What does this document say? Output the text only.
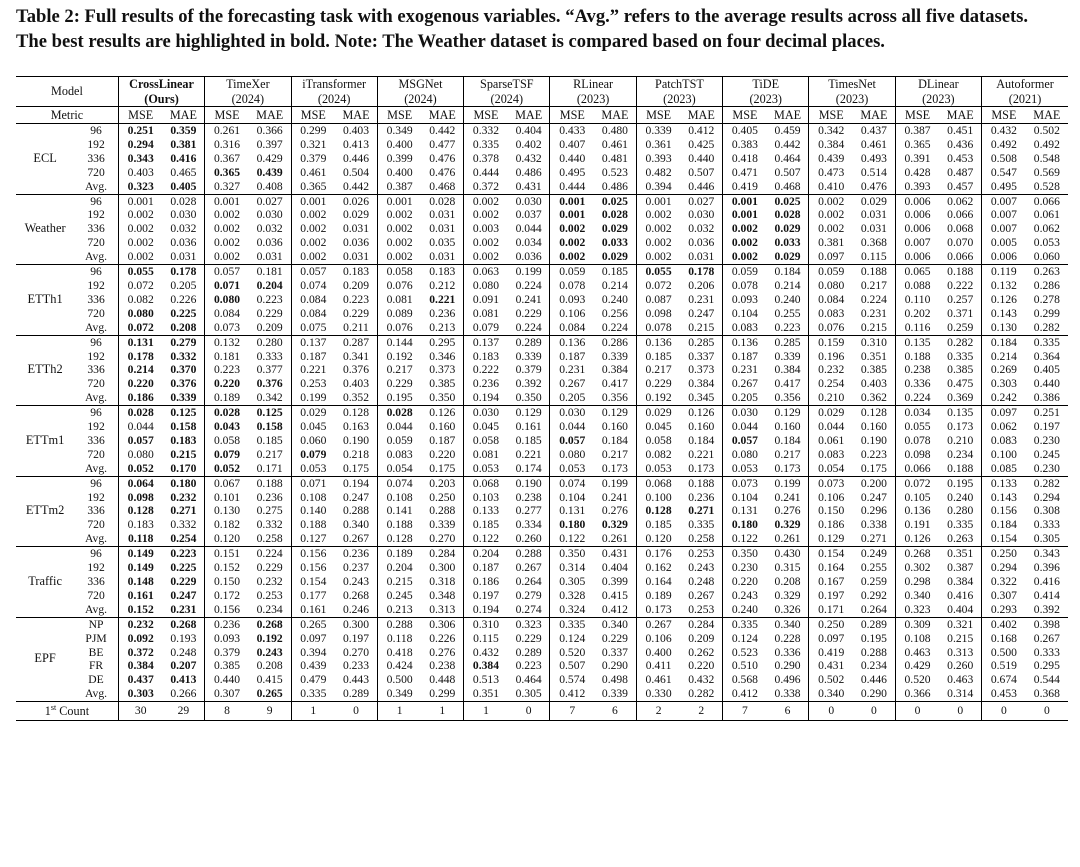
Table 2: Full results of the forecasting task with exogenous variables. “Avg.” refers to the average results across all five datasets.
The best results are highlighted in bold. Note: The Weather dataset is compared based on four decimal places.
Model		CrossLinear		TimeXer		iTransformer		MSGNet		SparseTSF		RLinear		PatchTST		TiDE		TimesNet		DLinear		Autoformer	
		(Ours)		(2024)		(2024)		(2024)		(2024)		(2023)		(2023)		(2023)		(2023)		(2023)		(2021)	
Metric		MSE	MAE	MSE	MAE	MSE	MAE	MSE	MAE	MSE	MAE	MSE	MAE	MSE	MAE	MSE	MAE	MSE	MAE	MSE	MAE	MSE	MAE
ECL	96	0.251	0.359	0.261	0.366	0.299	0.403	0.349	0.442	0.332	0.404	0.433	0.480	0.339	0.412	0.405	0.459	0.342	0.437	0.387	0.451	0.432	0.502
	192	0.294	0.381	0.316	0.397	0.321	0.413	0.400	0.477	0.335	0.402	0.407	0.461	0.361	0.425	0.383	0.442	0.384	0.461	0.365	0.436	0.492	0.492
	336	0.343	0.416	0.367	0.429	0.379	0.446	0.399	0.476	0.378	0.432	0.440	0.481	0.393	0.440	0.418	0.464	0.439	0.493	0.391	0.453	0.508	0.548
	720	0.403	0.465	0.365	0.439	0.461	0.504	0.400	0.476	0.444	0.486	0.495	0.523	0.482	0.507	0.471	0.507	0.473	0.514	0.428	0.487	0.547	0.569
	Avg.	0.323	0.405	0.327	0.408	0.365	0.442	0.387	0.468	0.372	0.431	0.444	0.486	0.394	0.446	0.419	0.468	0.410	0.476	0.393	0.457	0.495	0.528
Weather	96	0.001	0.028	0.001	0.027	0.001	0.026	0.001	0.028	0.002	0.030	0.001	0.025	0.001	0.027	0.001	0.025	0.002	0.029	0.006	0.062	0.007	0.066
	192	0.002	0.030	0.002	0.030	0.002	0.029	0.002	0.031	0.002	0.037	0.001	0.028	0.002	0.030	0.001	0.028	0.002	0.031	0.006	0.066	0.007	0.061
	336	0.002	0.032	0.002	0.032	0.002	0.031	0.002	0.031	0.003	0.044	0.002	0.029	0.002	0.032	0.002	0.029	0.002	0.031	0.006	0.068	0.007	0.062
	720	0.002	0.036	0.002	0.036	0.002	0.036	0.002	0.035	0.002	0.034	0.002	0.033	0.002	0.036	0.002	0.033	0.381	0.368	0.007	0.070	0.005	0.053
	Avg.	0.002	0.031	0.002	0.031	0.002	0.031	0.002	0.031	0.002	0.036	0.002	0.029	0.002	0.031	0.002	0.029	0.097	0.115	0.006	0.066	0.006	0.060
ETTh1	96	0.055	0.178	0.057	0.181	0.057	0.183	0.058	0.183	0.063	0.199	0.059	0.185	0.055	0.178	0.059	0.184	0.059	0.188	0.065	0.188	0.119	0.263
	192	0.072	0.205	0.071	0.204	0.074	0.209	0.076	0.212	0.080	0.224	0.078	0.214	0.072	0.206	0.078	0.214	0.080	0.217	0.088	0.222	0.132	0.286
	336	0.082	0.226	0.080	0.223	0.084	0.223	0.081	0.221	0.091	0.241	0.093	0.240	0.087	0.231	0.093	0.240	0.084	0.224	0.110	0.257	0.126	0.278
	720	0.080	0.225	0.084	0.229	0.084	0.229	0.089	0.236	0.081	0.229	0.106	0.256	0.098	0.247	0.104	0.255	0.083	0.231	0.202	0.371	0.143	0.299
	Avg.	0.072	0.208	0.073	0.209	0.075	0.211	0.076	0.213	0.079	0.224	0.084	0.224	0.078	0.215	0.083	0.223	0.076	0.215	0.116	0.259	0.130	0.282
ETTh2	96	0.131	0.279	0.132	0.280	0.137	0.287	0.144	0.295	0.137	0.289	0.136	0.286	0.136	0.285	0.136	0.285	0.159	0.310	0.135	0.282	0.184	0.335
	192	0.178	0.332	0.181	0.333	0.187	0.341	0.192	0.346	0.183	0.339	0.187	0.339	0.185	0.337	0.187	0.339	0.196	0.351	0.188	0.335	0.214	0.364
	336	0.214	0.370	0.223	0.377	0.221	0.376	0.217	0.373	0.222	0.379	0.231	0.384	0.217	0.373	0.231	0.384	0.232	0.385	0.238	0.385	0.269	0.405
	720	0.220	0.376	0.220	0.376	0.253	0.403	0.229	0.385	0.236	0.392	0.267	0.417	0.229	0.384	0.267	0.417	0.254	0.403	0.336	0.475	0.303	0.440
	Avg.	0.186	0.339	0.189	0.342	0.199	0.352	0.195	0.350	0.194	0.350	0.205	0.356	0.192	0.345	0.205	0.356	0.210	0.362	0.224	0.369	0.242	0.386
ETTm1	96	0.028	0.125	0.028	0.125	0.029	0.128	0.028	0.126	0.030	0.129	0.030	0.129	0.029	0.126	0.030	0.129	0.029	0.128	0.034	0.135	0.097	0.251
	192	0.044	0.158	0.043	0.158	0.045	0.163	0.044	0.160	0.045	0.161	0.044	0.160	0.045	0.160	0.044	0.160	0.044	0.160	0.055	0.173	0.062	0.197
	336	0.057	0.183	0.058	0.185	0.060	0.190	0.059	0.187	0.058	0.185	0.057	0.184	0.058	0.184	0.057	0.184	0.061	0.190	0.078	0.210	0.083	0.230
	720	0.080	0.215	0.079	0.217	0.079	0.218	0.083	0.220	0.081	0.221	0.080	0.217	0.082	0.221	0.080	0.217	0.083	0.223	0.098	0.234	0.100	0.245
	Avg.	0.052	0.170	0.052	0.171	0.053	0.175	0.054	0.175	0.053	0.174	0.053	0.173	0.053	0.173	0.053	0.173	0.054	0.175	0.066	0.188	0.085	0.230
ETTm2	96	0.064	0.180	0.067	0.188	0.071	0.194	0.074	0.203	0.068	0.190	0.074	0.199	0.068	0.188	0.073	0.199	0.073	0.200	0.072	0.195	0.133	0.282
	192	0.098	0.232	0.101	0.236	0.108	0.247	0.108	0.250	0.103	0.238	0.104	0.241	0.100	0.236	0.104	0.241	0.106	0.247	0.105	0.240	0.143	0.294
	336	0.128	0.271	0.130	0.275	0.140	0.288	0.141	0.288	0.133	0.277	0.131	0.276	0.128	0.271	0.131	0.276	0.150	0.296	0.136	0.280	0.156	0.308
	720	0.183	0.332	0.182	0.332	0.188	0.340	0.188	0.339	0.185	0.334	0.180	0.329	0.185	0.335	0.180	0.329	0.186	0.338	0.191	0.335	0.184	0.333
	Avg.	0.118	0.254	0.120	0.258	0.127	0.267	0.128	0.270	0.122	0.260	0.122	0.261	0.120	0.258	0.122	0.261	0.129	0.271	0.126	0.263	0.154	0.305
Traffic	96	0.149	0.223	0.151	0.224	0.156	0.236	0.189	0.284	0.204	0.288	0.350	0.431	0.176	0.253	0.350	0.430	0.154	0.249	0.268	0.351	0.250	0.343
	192	0.149	0.225	0.152	0.229	0.156	0.237	0.204	0.300	0.187	0.267	0.314	0.404	0.162	0.243	0.230	0.315	0.164	0.255	0.302	0.387	0.294	0.396
	336	0.148	0.229	0.150	0.232	0.154	0.243	0.215	0.318	0.186	0.264	0.305	0.399	0.164	0.248	0.220	0.208	0.167	0.259	0.298	0.384	0.322	0.416
	720	0.161	0.247	0.172	0.253	0.177	0.268	0.245	0.348	0.197	0.279	0.328	0.415	0.189	0.267	0.243	0.329	0.197	0.292	0.340	0.416	0.307	0.414
	Avg.	0.152	0.231	0.156	0.234	0.161	0.246	0.213	0.313	0.194	0.274	0.324	0.412	0.173	0.253	0.240	0.326	0.171	0.264	0.323	0.404	0.293	0.392
EPF	NP	0.232	0.268	0.236	0.268	0.265	0.300	0.288	0.306	0.310	0.323	0.335	0.340	0.267	0.284	0.335	0.340	0.250	0.289	0.309	0.321	0.402	0.398
	PJM	0.092	0.193	0.093	0.192	0.097	0.197	0.118	0.226	0.115	0.229	0.124	0.229	0.106	0.209	0.124	0.228	0.097	0.195	0.108	0.215	0.168	0.267
	BE	0.372	0.248	0.379	0.243	0.394	0.270	0.418	0.276	0.432	0.289	0.520	0.337	0.400	0.262	0.523	0.336	0.419	0.288	0.463	0.313	0.500	0.333
	FR	0.384	0.207	0.385	0.208	0.439	0.233	0.424	0.238	0.384	0.223	0.507	0.290	0.411	0.220	0.510	0.290	0.431	0.234	0.429	0.260	0.519	0.295
	DE	0.437	0.413	0.440	0.415	0.479	0.443	0.500	0.448	0.513	0.464	0.574	0.498	0.461	0.432	0.568	0.496	0.502	0.446	0.520	0.463	0.674	0.544
	Avg.	0.303	0.266	0.307	0.265	0.335	0.289	0.349	0.299	0.351	0.305	0.412	0.339	0.330	0.282	0.412	0.338	0.340	0.290	0.366	0.314	0.453	0.368
1st Count		30	29	8	9	1	0	1	1	1	0	7	6	2	2	7	6	0	0	0	0	0	0
